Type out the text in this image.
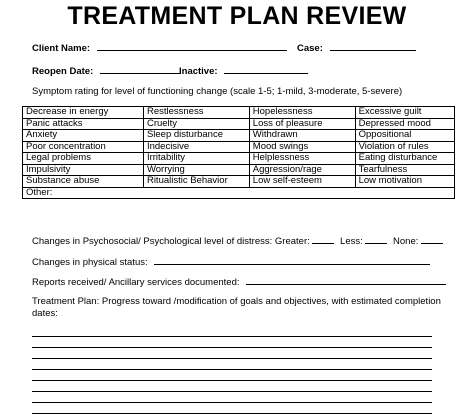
TREATMENT PLAN REVIEW
Client Name:	Case:
Reopen Date:	Inactive:
Symptom rating for level of functioning change (scale 1-5; 1-mild, 3-moderate, 5-severe)
Decrease in energy	Restlessness	Hopelessness	Excessive guilt
Panic attacks	Cruelty	Loss of pleasure	Depressed mood
Anxiety	Sleep disturbance	Withdrawn	Oppositional
Poor concentration	Indecisive	Mood swings	Violation of rules
Legal problems	Irritability	Helplessness	Eating disturbance
Impulsivity	Worrying	Aggression/rage	Tearfulness
Substance abuse	Ritualistic Behavior	Low self-esteem	Low motivation
Other:			
Changes in Psychosocial/ Psychological level of distress: Greater:	Less:	None:
Changes in physical status:
Reports received/ Ancillary services documented:
Treatment Plan: Progress toward /modification of goals and objectives, with estimated completion
dates:
